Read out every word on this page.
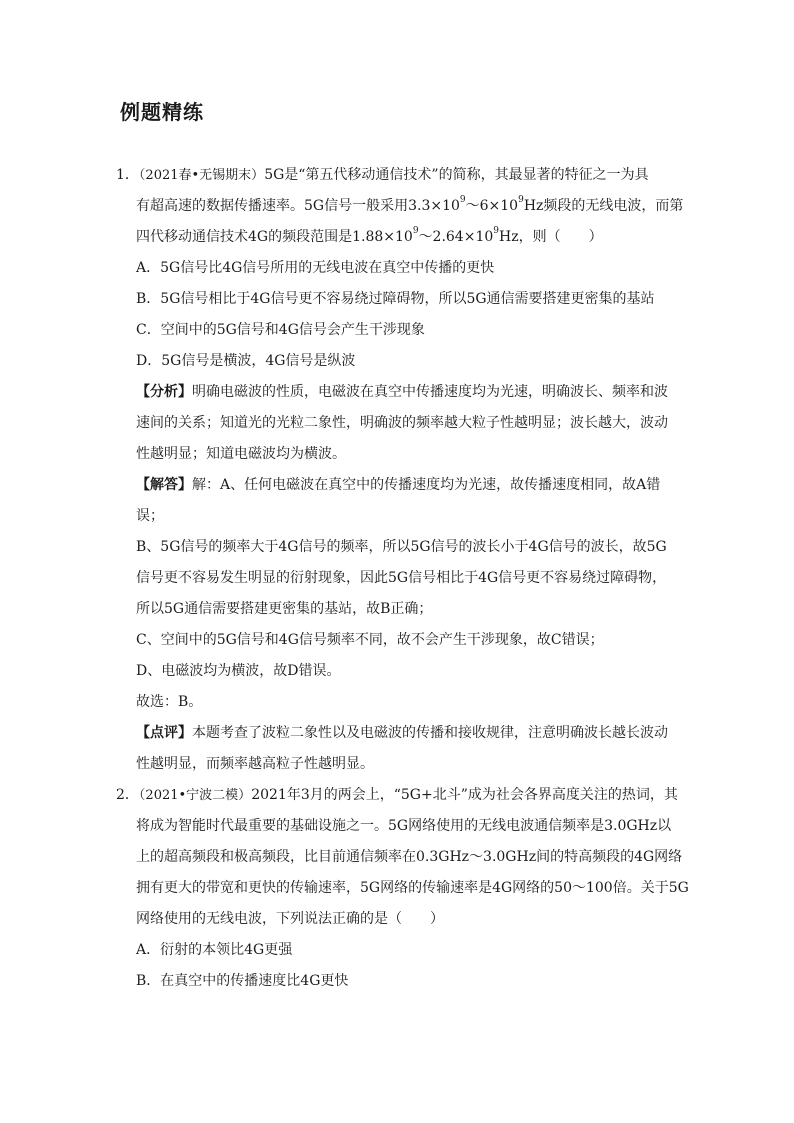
例题精练
1．（2021春•无锡期末）5G是“第五代移动通信技术”的简称，其最显著的特征之一为具
有超高速的数据传播速率。5G信号一般采用$3.3\times 10^9\sim 6\times 10^9Hz$频段的无线电波，而第
四代移动通信技术4G的频段范围是$1.88\times 10^9\sim 2.64\times 10^9Hz$，则（　　）
A．5G信号比4G信号所用的无线电波在真空中传播的更快
B．5G信号相比于4G信号更不容易绕过障碍物，所以5G通信需要搭建更密集的基站
C．空间中的5G信号和4G信号会产生干涉现象
D．5G信号是横波，4G信号是纵波
【分析】明确电磁波的性质，电磁波在真空中传播速度均为光速，明确波长、频率和波
速间的关系；知道光的光粒二象性，明确波的频率越大粒子性越明显；波长越大，波动
性越明显；知道电磁波均为横波。
【解答】解：A、任何电磁波在真空中的传播速度均为光速，故传播速度相同，故A错
误；
B、5G信号的频率大于4G信号的频率，所以5G信号的波长小于4G信号的波长，故5G
信号更不容易发生明显的衍射现象，因此5G信号相比于4G信号更不容易绕过障碍物，
所以5G通信需要搭建更密集的基站，故B正确；
C、空间中的5G信号和4G信号频率不同，故不会产生干涉现象，故C错误；
D、电磁波均为横波，故D错误。
故选：B。
【点评】本题考查了波粒二象性以及电磁波的传播和接收规律，注意明确波长越长波动
性越明显，而频率越高粒子性越明显。
2．（2021•宁波二模）2021年3月的两会上，“5G+北斗”成为社会各界高度关注的热词，其
将成为智能时代最重要的基础设施之一。5G网络使用的无线电波通信频率是3.0GHz以
上的超高频段和极高频段，比目前通信频率在0.3GHz～3.0GHz间的特高频段的4G网络
拥有更大的带宽和更快的传输速率，5G网络的传输速率是4G网络的50～100倍。关于5G
网络使用的无线电波，下列说法正确的是（　　）
A．衍射的本领比4G更强
B．在真空中的传播速度比4G更快
